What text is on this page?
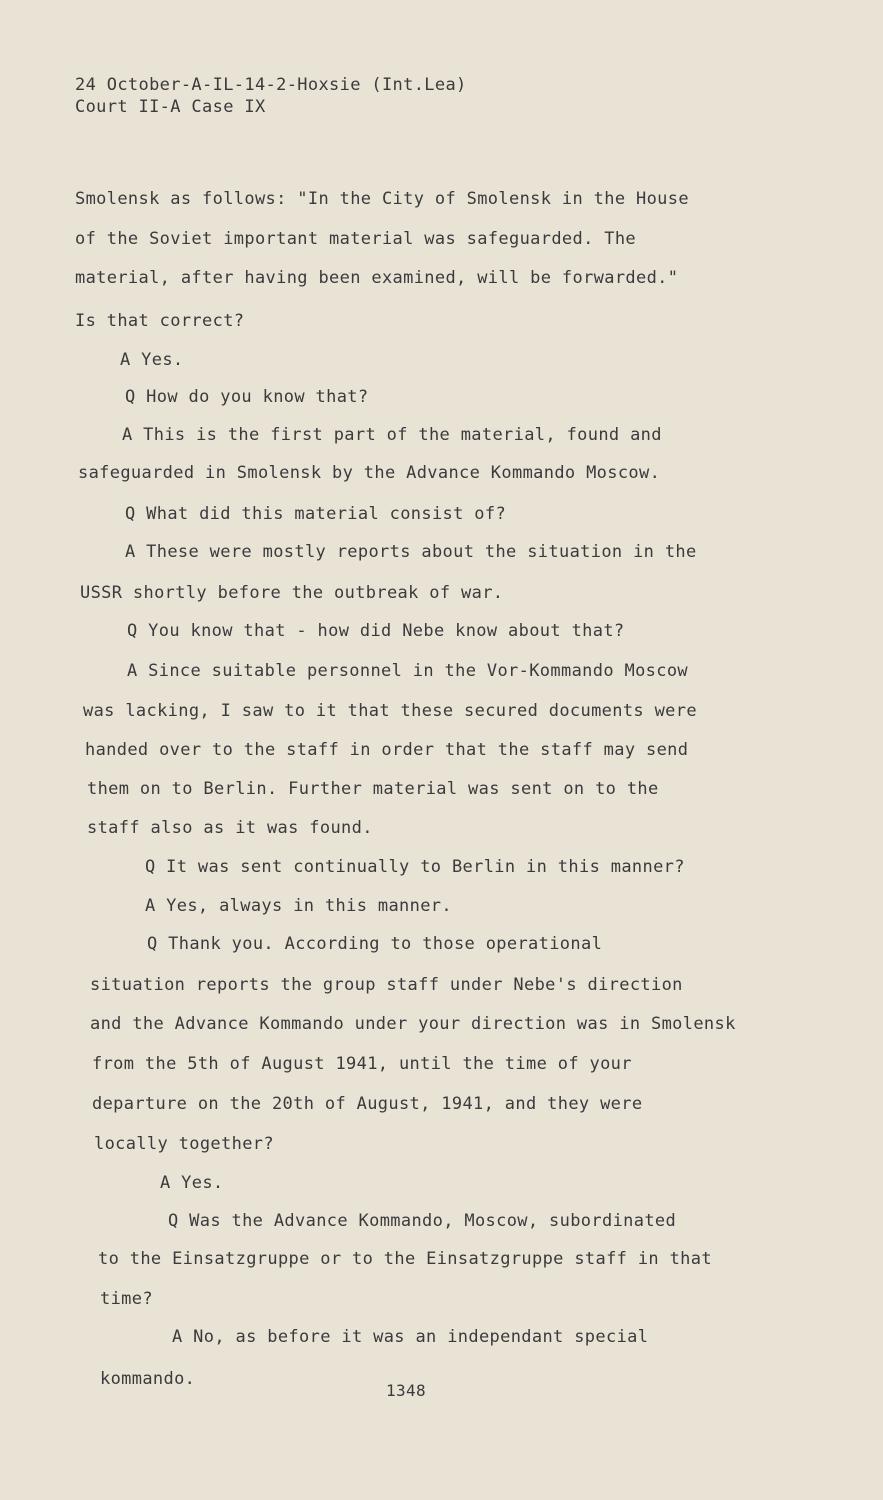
24 October-A-IL-14-2-Hoxsie (Int.Lea)

Court II-A Case IX

Smolensk as follows: "In the City of Smolensk in the House

of the Soviet important material was safeguarded. The

material, after having been examined, will be forwarded."

Is that correct?

A Yes.

Q How do you know that?

A This is the first part of the material, found and

safeguarded in Smolensk by the Advance Kommando Moscow.

Q What did this material consist of?

A These were mostly reports about the situation in the

USSR shortly before the outbreak of war.

Q You know that - how did Nebe know about that?

A Since suitable personnel in the Vor-Kommando Moscow

was lacking, I saw to it that these secured documents were

handed over to the staff in order that the staff may send

them on to Berlin. Further material was sent on to the

staff also as it was found.

Q It was sent continually to Berlin in this manner?

A Yes, always in this manner.

Q Thank you. According to those operational

situation reports the group staff under Nebe's direction

and the Advance Kommando under your direction was in Smolensk

from the 5th of August 1941, until the time of your

departure on the 20th of August, 1941, and they were

locally together?

A Yes.

Q Was the Advance Kommando, Moscow, subordinated

to the Einsatzgruppe or to the Einsatzgruppe staff in that

time?

A No, as before it was an independant special

kommando.

1348
